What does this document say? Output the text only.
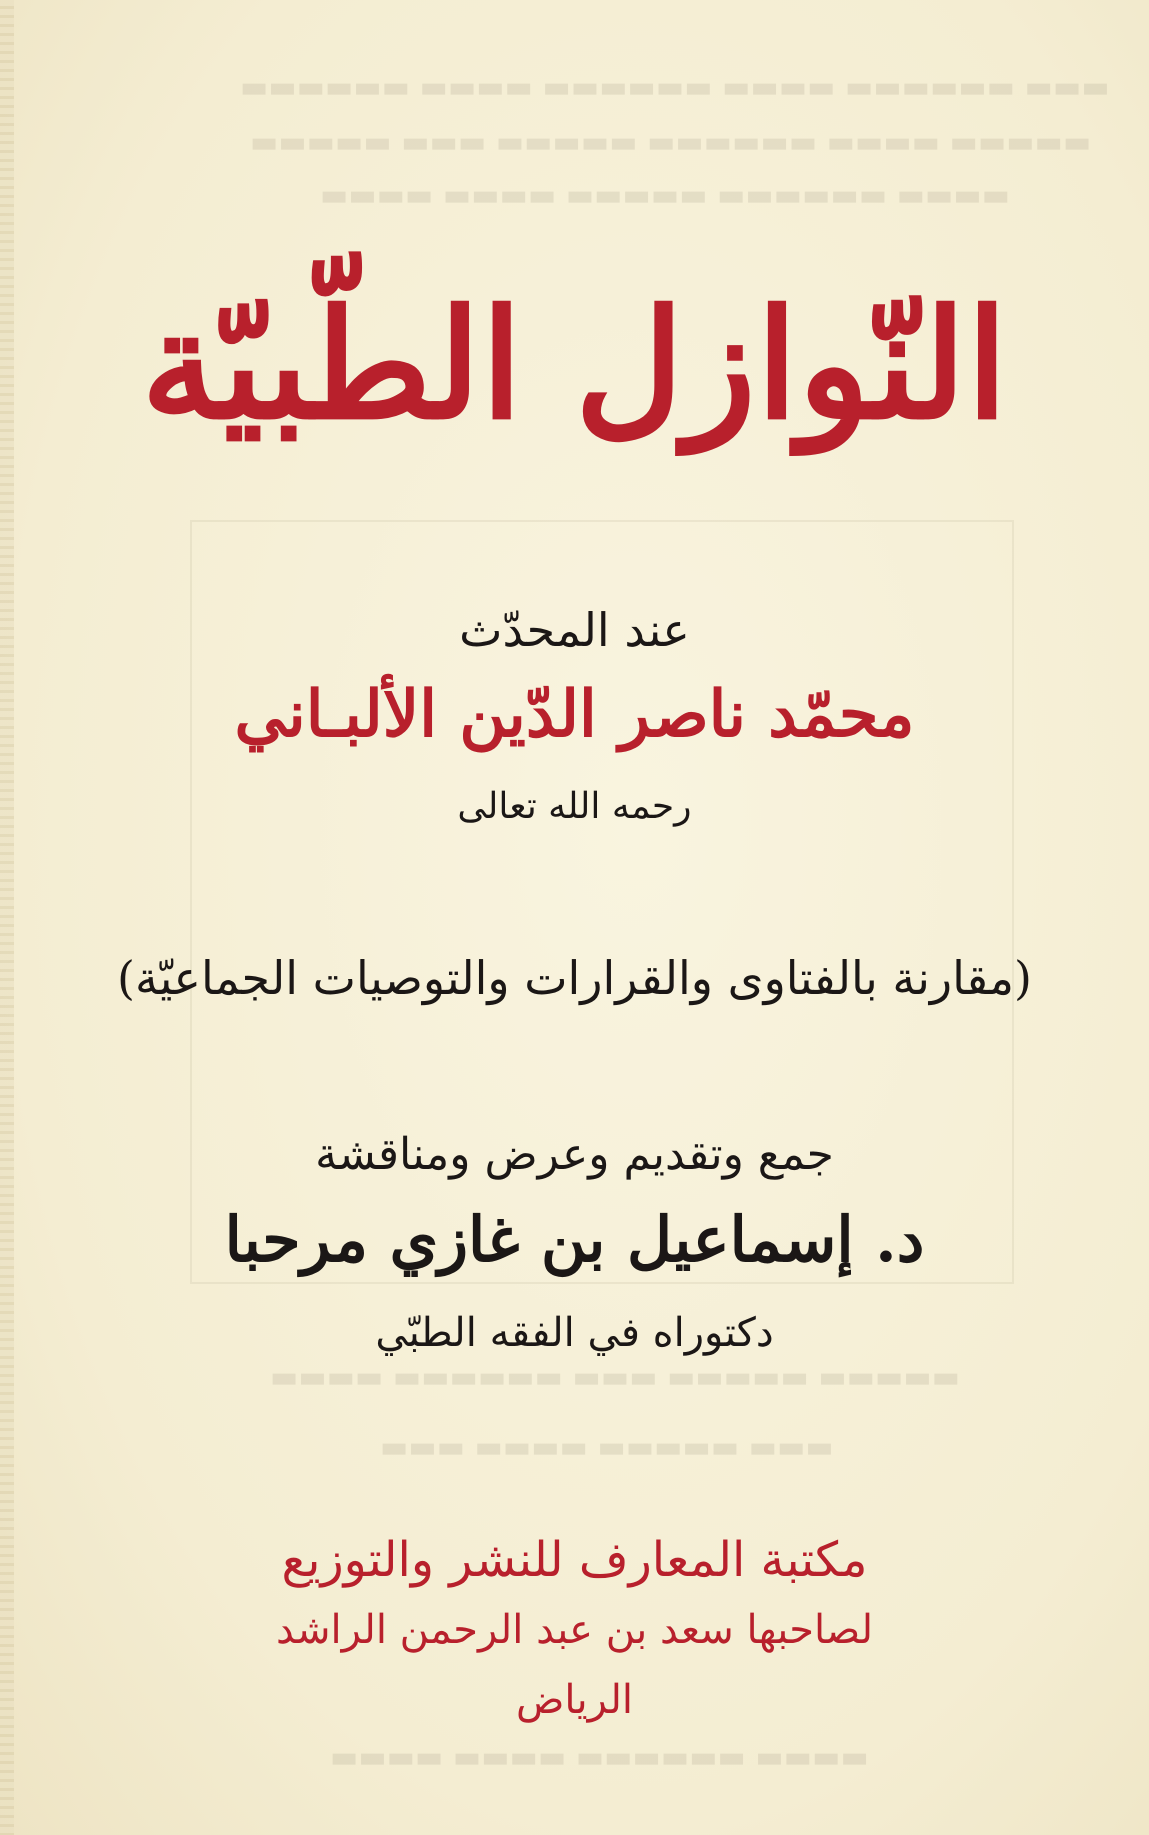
▬▬▬ ▬▬▬▬▬▬ ▬▬▬▬ ▬▬▬▬▬▬ ▬▬▬▬ ▬▬▬▬▬▬
▬▬▬▬▬ ▬▬▬▬ ▬▬▬▬▬▬ ▬▬▬▬▬ ▬▬▬ ▬▬▬▬▬
▬▬▬▬ ▬▬▬▬▬▬ ▬▬▬▬▬ ▬▬▬▬ ▬▬▬▬
▬▬▬▬▬ ▬▬▬▬▬ ▬▬▬ ▬▬▬▬▬▬ ▬▬▬▬
▬▬▬ ▬▬▬▬▬ ▬▬▬▬ ▬▬▬
▬▬▬▬ ▬▬▬▬▬▬ ▬▬▬▬ ▬▬▬▬
النّوازل الطّبيّة
عند المحدّث
محمّد ناصر الدّين الألبـاني
رحمه الله تعالى
(مقارنة بالفتاوى والقرارات والتوصيات الجماعيّة)
جمع وتقديم وعرض ومناقشة
د. إسماعيل بن غازي مرحبا
دكتوراه في الفقه الطبّي
مكتبة المعارف للنشر والتوزيع
لصاحبها سعد بن عبد الرحمن الراشد
الرياض
